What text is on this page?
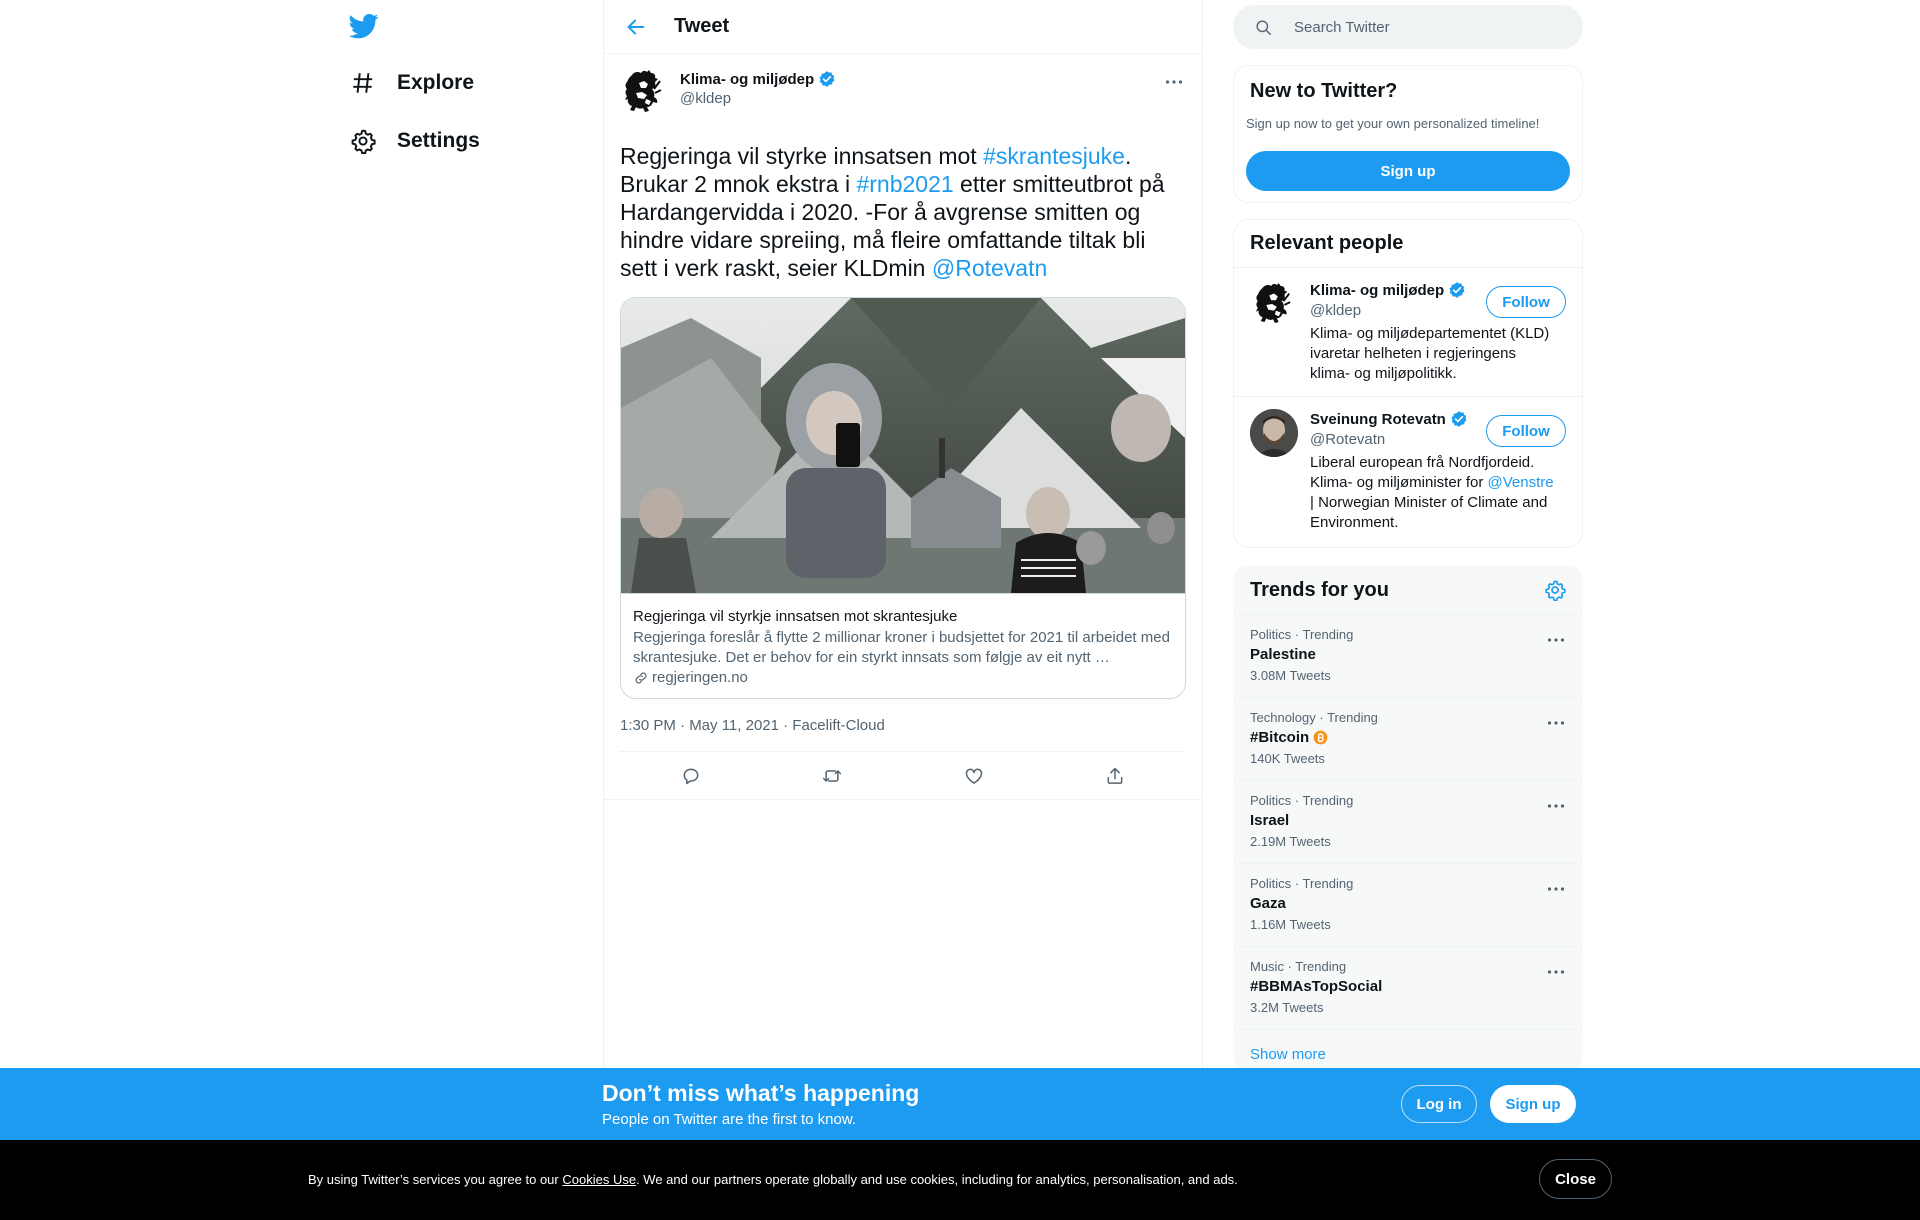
Explore
Settings
Tweet
Klima- og miljødep
@kldep
Regjeringa vil styrke innsatsen mot #skrantesjuke. Brukar 2 mnok ekstra i #rnb2021 etter smitteutbrot på Hardangervidda i 2020. -For å avgrense smitten og hindre vidare spreiing, må fleire omfattande tiltak bli sett i verk raskt, seier KLDmin @Rotevatn
Regjeringa vil styrkje innsatsen mot skrantesjuke
Regjeringa foreslår å flytte 2 millionar kroner i budsjettet for 2021 til arbeidet med skrantesjuke. Det er behov for ein styrkt innsats som følgje av eit nytt …
regjeringen.no
1:30 PM · May 11, 2021 · Facelift-Cloud
Search Twitter
New to Twitter?
Sign up now to get your own personalized timeline!
Sign up
Relevant people
Klima- og miljødep
@kldep
Klima- og miljødepartementet (KLD) ivaretar helheten i regjeringens klima- og miljøpolitikk.
Follow
Sveinung Rotevatn
@Rotevatn
Liberal european frå Nordfjordeid. Klima- og miljøminister for @Venstre | Norwegian Minister of Climate and Environment.
Follow
Trends for you
Politics · Trending
Palestine
3.08M Tweets
Technology · Trending
#Bitcoin
140K Tweets
Politics · Trending
Israel
2.19M Tweets
Politics · Trending
Gaza
1.16M Tweets
Music · Trending
#BBMAsTopSocial
3.2M Tweets
Show more
Don’t miss what’s happening
People on Twitter are the first to know.
Log in	Sign up
By using Twitter’s services you agree to our Cookies Use. We and our partners operate globally and use cookies, including for analytics, personalisation, and ads.	Close
